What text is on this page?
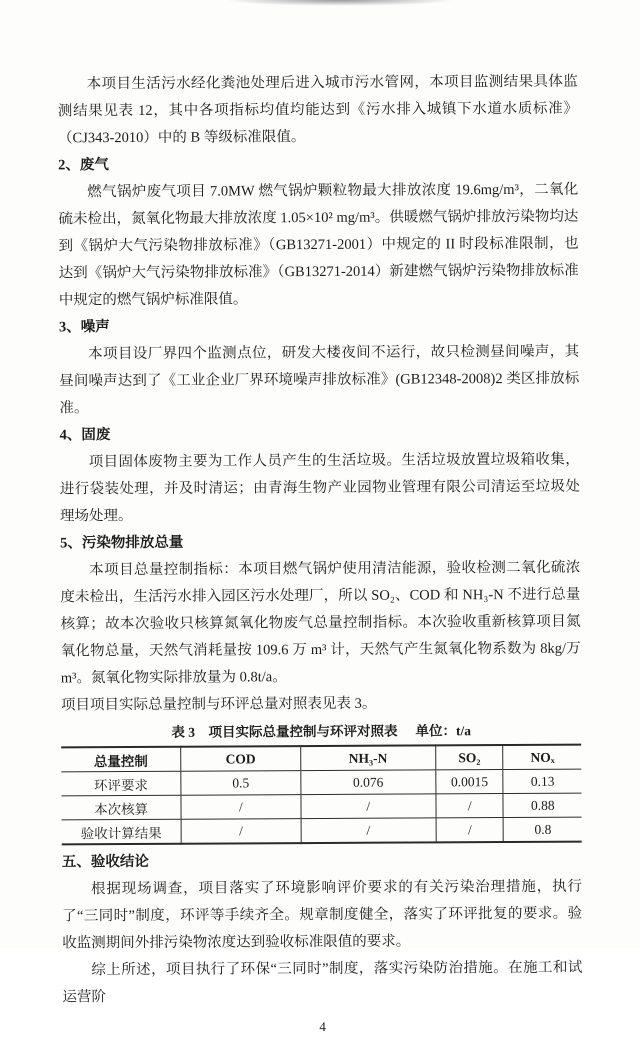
本项目生活污水经化粪池处理后进入城市污水管网，本项目监测结果具体监测结果见表 12，其中各项指标均值均能达到《污水排入城镇下水道水质标准》（CJ343-2010）中的 B 等级标准限值。

2、废气

燃气锅炉废气项目 7.0MW 燃气锅炉颗粒物最大排放浓度 19.6mg/m³，二氧化硫未检出，氮氧化物最大排放浓度 1.05×10² mg/m³。供暖燃气锅炉排放污染物均达到《锅炉大气污染物排放标准》（GB13271-2001）中规定的 II 时段标准限制，也达到《锅炉大气污染物排放标准》（GB13271-2014）新建燃气锅炉污染物排放标准中规定的燃气锅炉标准限值。

3、噪声

本项目设厂界四个监测点位，研发大楼夜间不运行，故只检测昼间噪声，其昼间噪声达到了《工业企业厂界环境噪声排放标准》(GB12348-2008)2 类区排放标准。

4、固废

项目固体废物主要为工作人员产生的生活垃圾。生活垃圾放置垃圾箱收集，进行袋装处理，并及时清运；由青海生物产业园物业管理有限公司清运至垃圾处理场处理。

5、污染物排放总量

本项目总量控制指标：本项目燃气锅炉使用清洁能源，验收检测二氧化硫浓度未检出，生活污水排入园区污水处理厂，所以 SO₂、COD 和 NH₃-N 不进行总量核算；故本次验收只核算氮氧化物废气总量控制指标。本次验收重新核算项目氮氧化物总量，天然气消耗量按 109.6 万 m³ 计，天然气产生氮氧化物系数为 8kg/万 m³。氮氧化物实际排放量为 0.8t/a。

项目项目实际总量控制与环评总量对照表见表 3。

表 3　项目实际总量控制与环评对照表 单位：t/a
总量控制	COD	NH₃-N	SO₂	NOₓ
环评要求	0.5	0.076	0.0015	0.13
本次核算	/	/	/	0.88
验收计算结果	/	/	/	0.8
五、验收结论

根据现场调查，项目落实了环境影响评价要求的有关污染治理措施，执行了“三同时”制度，环评等手续齐全。规章制度健全，落实了环评批复的要求。验收监测期间外排污染物浓度达到验收标准限值的要求。

综上所述，项目执行了环保“三同时”制度，落实污染防治措施。在施工和试运营阶

4
